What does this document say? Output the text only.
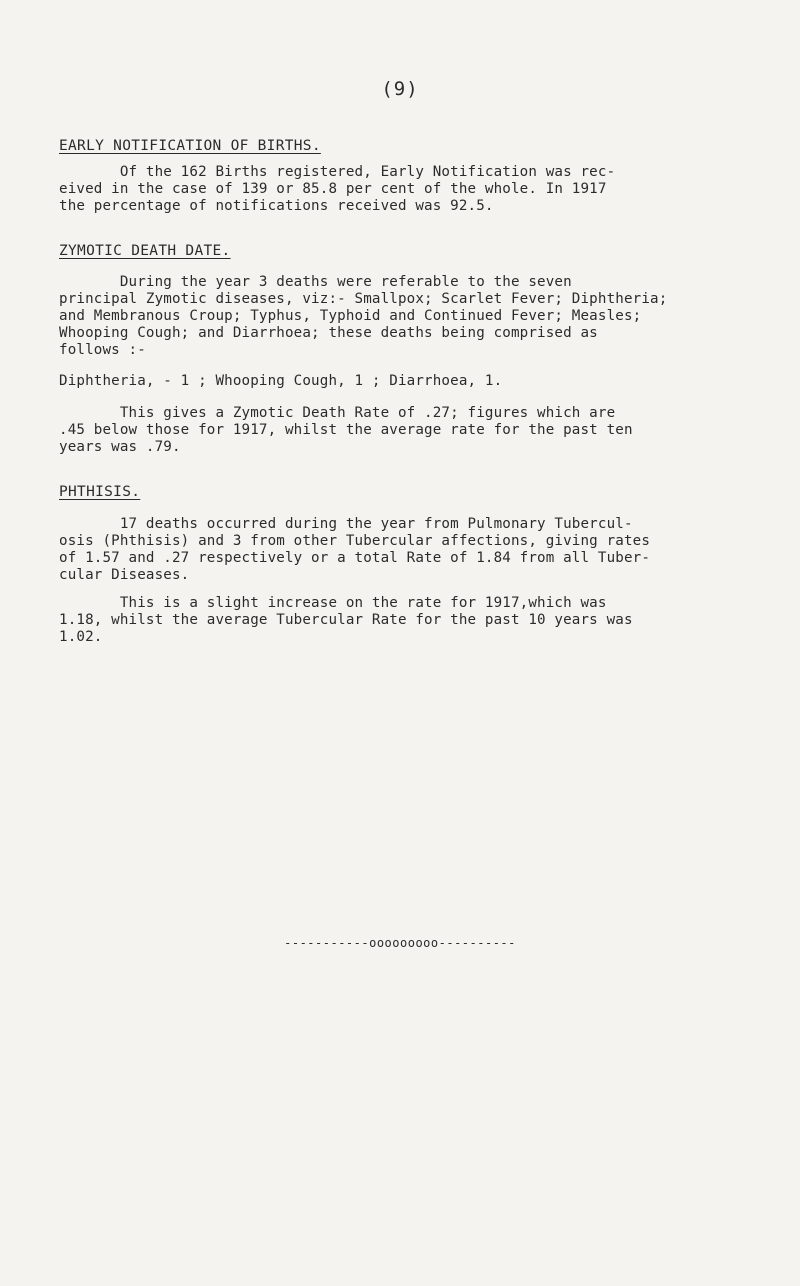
(9)
EARLY NOTIFICATION OF BIRTHS.
Of the 162 Births registered, Early Notification was rec-
eived in the case of 139 or 85.8 per cent of the whole. In 1917
the percentage of notifications received was 92.5.
ZYMOTIC DEATH DATE.
During the year 3 deaths were referable to the seven
principal Zymotic diseases, viz:- Smallpox; Scarlet Fever; Diphtheria;
and Membranous Croup; Typhus, Typhoid and Continued Fever; Measles;
Whooping Cough; and Diarrhoea; these deaths being comprised as
follows :-
Diphtheria, - 1 ; Whooping Cough, 1 ; Diarrhoea, 1.
This gives a Zymotic Death Rate of .27; figures which are
.45 below those for 1917, whilst the average rate for the past ten
years was .79.
PHTHISIS.
17 deaths occurred during the year from Pulmonary Tubercul-
osis (Phthisis) and 3 from other Tubercular affections, giving rates
of 1.57 and .27 respectively or a total Rate of 1.84 from all Tuber-
cular Diseases.
This is a slight increase on the rate for 1917,which was
1.18, whilst the average Tubercular Rate for the past 10 years was
1.02.
-----------ooooooooo----------
